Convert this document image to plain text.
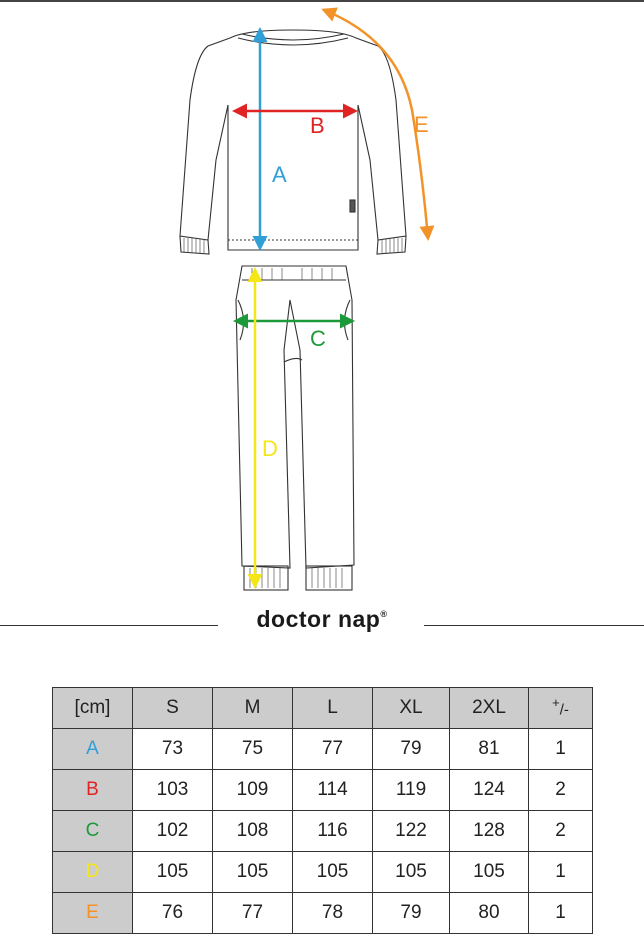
A
B	E
C
D
doctor nap®
[cm]	S	M	L	XL	2XL	+/-
A	73	75	77	79	81	1
B	103	109	114	119	124	2
C	102	108	116	122	128	2
D	105	105	105	105	105	1
E	76	77	78	79	80	1
